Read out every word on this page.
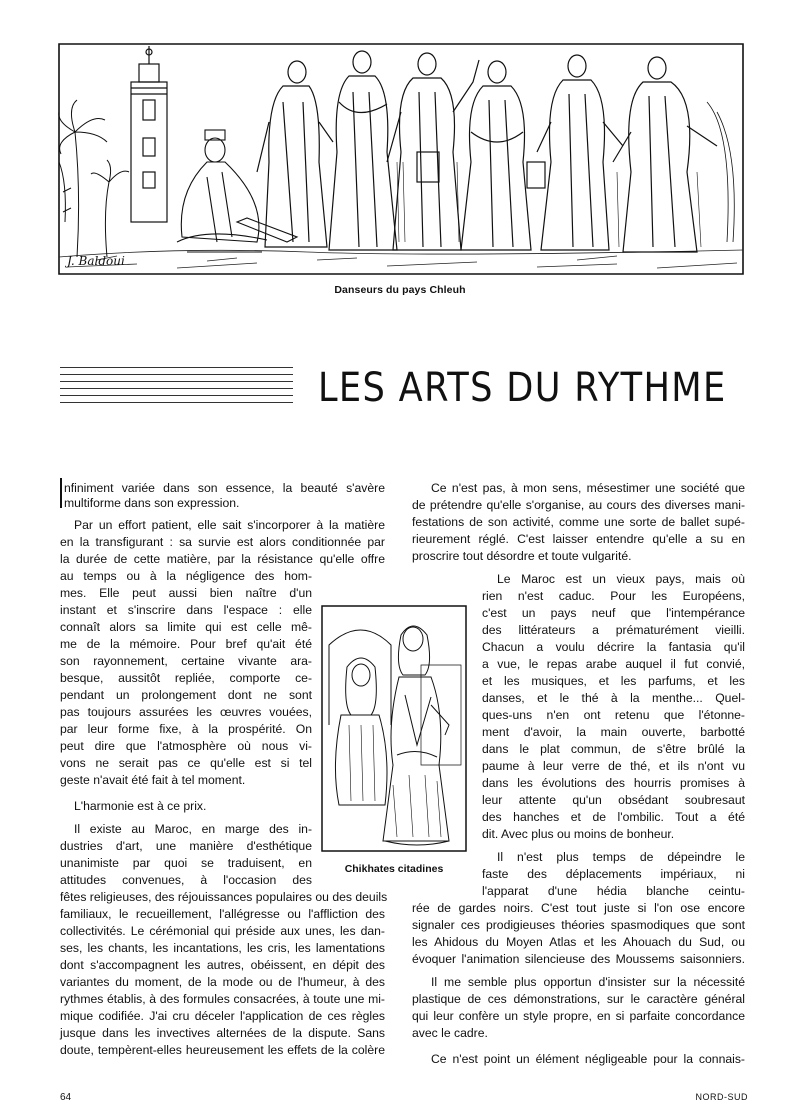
J. Baldoui
Danseurs du pays Chleuh
LES ARTS DU RYTHME
nfiniment variée dans son essence, la beauté s'avère
multiforme dans son expression.
Par un effort patient, elle sait s'incorporer à la matière
en la transfigurant : sa survie est alors conditionnée par
la durée de cette matière, par la résistance qu'elle offre
au temps ou à la négligence des hom-
mes. Elle peut aussi bien naître d'un
instant et s'inscrire dans l'espace : elle
connaît alors sa limite qui est celle mê-
me de la mémoire. Pour bref qu'ait été
son rayonnement, certaine vivante ara-
besque, aussitôt repliée, comporte ce-
pendant un prolongement dont ne sont
pas toujours assurées les œuvres vouées,
par leur forme fixe, à la prospérité. On
peut dire que l'atmosphère où nous vi-
vons ne serait pas ce qu'elle est si tel
geste n'avait été fait à tel moment.
L'harmonie est à ce prix.
Il existe au Maroc, en marge des in-
dustries d'art, une manière d'esthétique
unanimiste par quoi se traduisent, en
attitudes convenues, à l'occasion des
fêtes religieuses, des réjouissances populaires ou des deuils
familiaux, le recueillement, l'allégresse ou l'affliction des
collectivités. Le cérémonial qui préside aux unes, les dan-
ses, les chants, les incantations, les cris, les lamentations
dont s'accompagnent les autres, obéissent, en dépit des
variantes du moment, de la mode ou de l'humeur, à des
rythmes établis, à des formules consacrées, à toute une mi-
mique codifiée. J'ai cru déceler l'application de ces règles
jusque dans les invectives alternées de la dispute. Sans
doute, tempèrent-elles heureusement les effets de la colère
Chikhates citadines
Ce n'est pas, à mon sens, mésestimer une société que
de prétendre qu'elle s'organise, au cours des diverses mani-
festations de son activité, comme une sorte de ballet supé-
rieurement réglé. C'est laisser entendre qu'elle a su en
proscrire tout désordre et toute vulgarité.
Le Maroc est un vieux pays, mais où
rien n'est caduc. Pour les Européens,
c'est un pays neuf que l'intempérance
des littérateurs a prématurément vieilli.
Chacun a voulu décrire la fantasia qu'il
a vue, le repas arabe auquel il fut convié,
et les musiques, et les parfums, et les
danses, et le thé à la menthe... Quel-
ques-uns n'en ont retenu que l'étonne-
ment d'avoir, la main ouverte, barbotté
dans le plat commun, de s'être brûlé la
paume à leur verre de thé, et ils n'ont vu
dans les évolutions des hourris promises à
leur attente qu'un obsédant soubresaut
des hanches et de l'ombilic. Tout a été
dit. Avec plus ou moins de bonheur.
Il n'est plus temps de dépeindre le
faste des déplacements impériaux, ni
l'apparat d'une hédia blanche ceintu-
rée de gardes noirs. C'est tout juste si l'on ose encore
signaler ces prodigieuses théories spasmodiques que sont
les Ahidous du Moyen Atlas et les Ahouach du Sud, ou
évoquer l'animation silencieuse des Moussems saisonniers.
Il me semble plus opportun d'insister sur la nécessité
plastique de ces démonstrations, sur le caractère général
qui leur confère un style propre, en si parfaite concordance
avec le cadre.
Ce n'est point un élément négligeable pour la connais-
64	NORD-SUD
